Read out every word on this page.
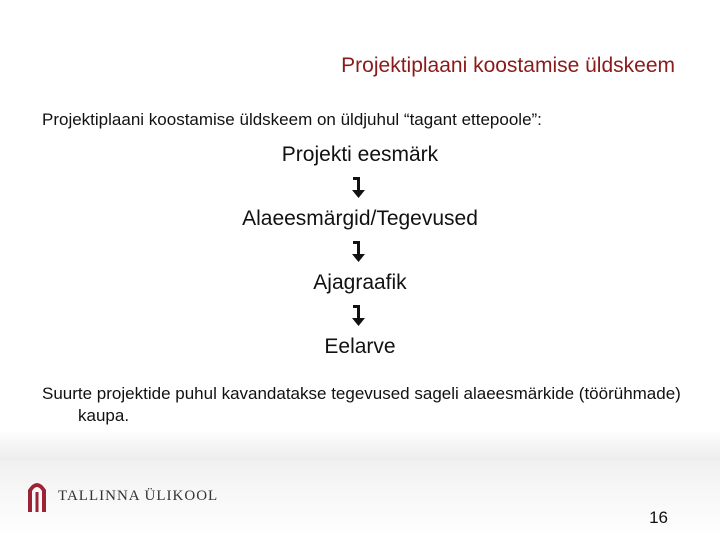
Projektiplaani koostamise üldskeem
Projektiplaani koostamise üldskeem on üldjuhul “tagant ettepoole”:
Projekti eesmärk
Alaeesmärgid/Tegevused
Ajagraafik
Eelarve
Suurte projektide puhul kavandatakse tegevused sageli alaeesmärkide (töörühmade) kaupa.
TALLINNA ÜLIKOOL
16
